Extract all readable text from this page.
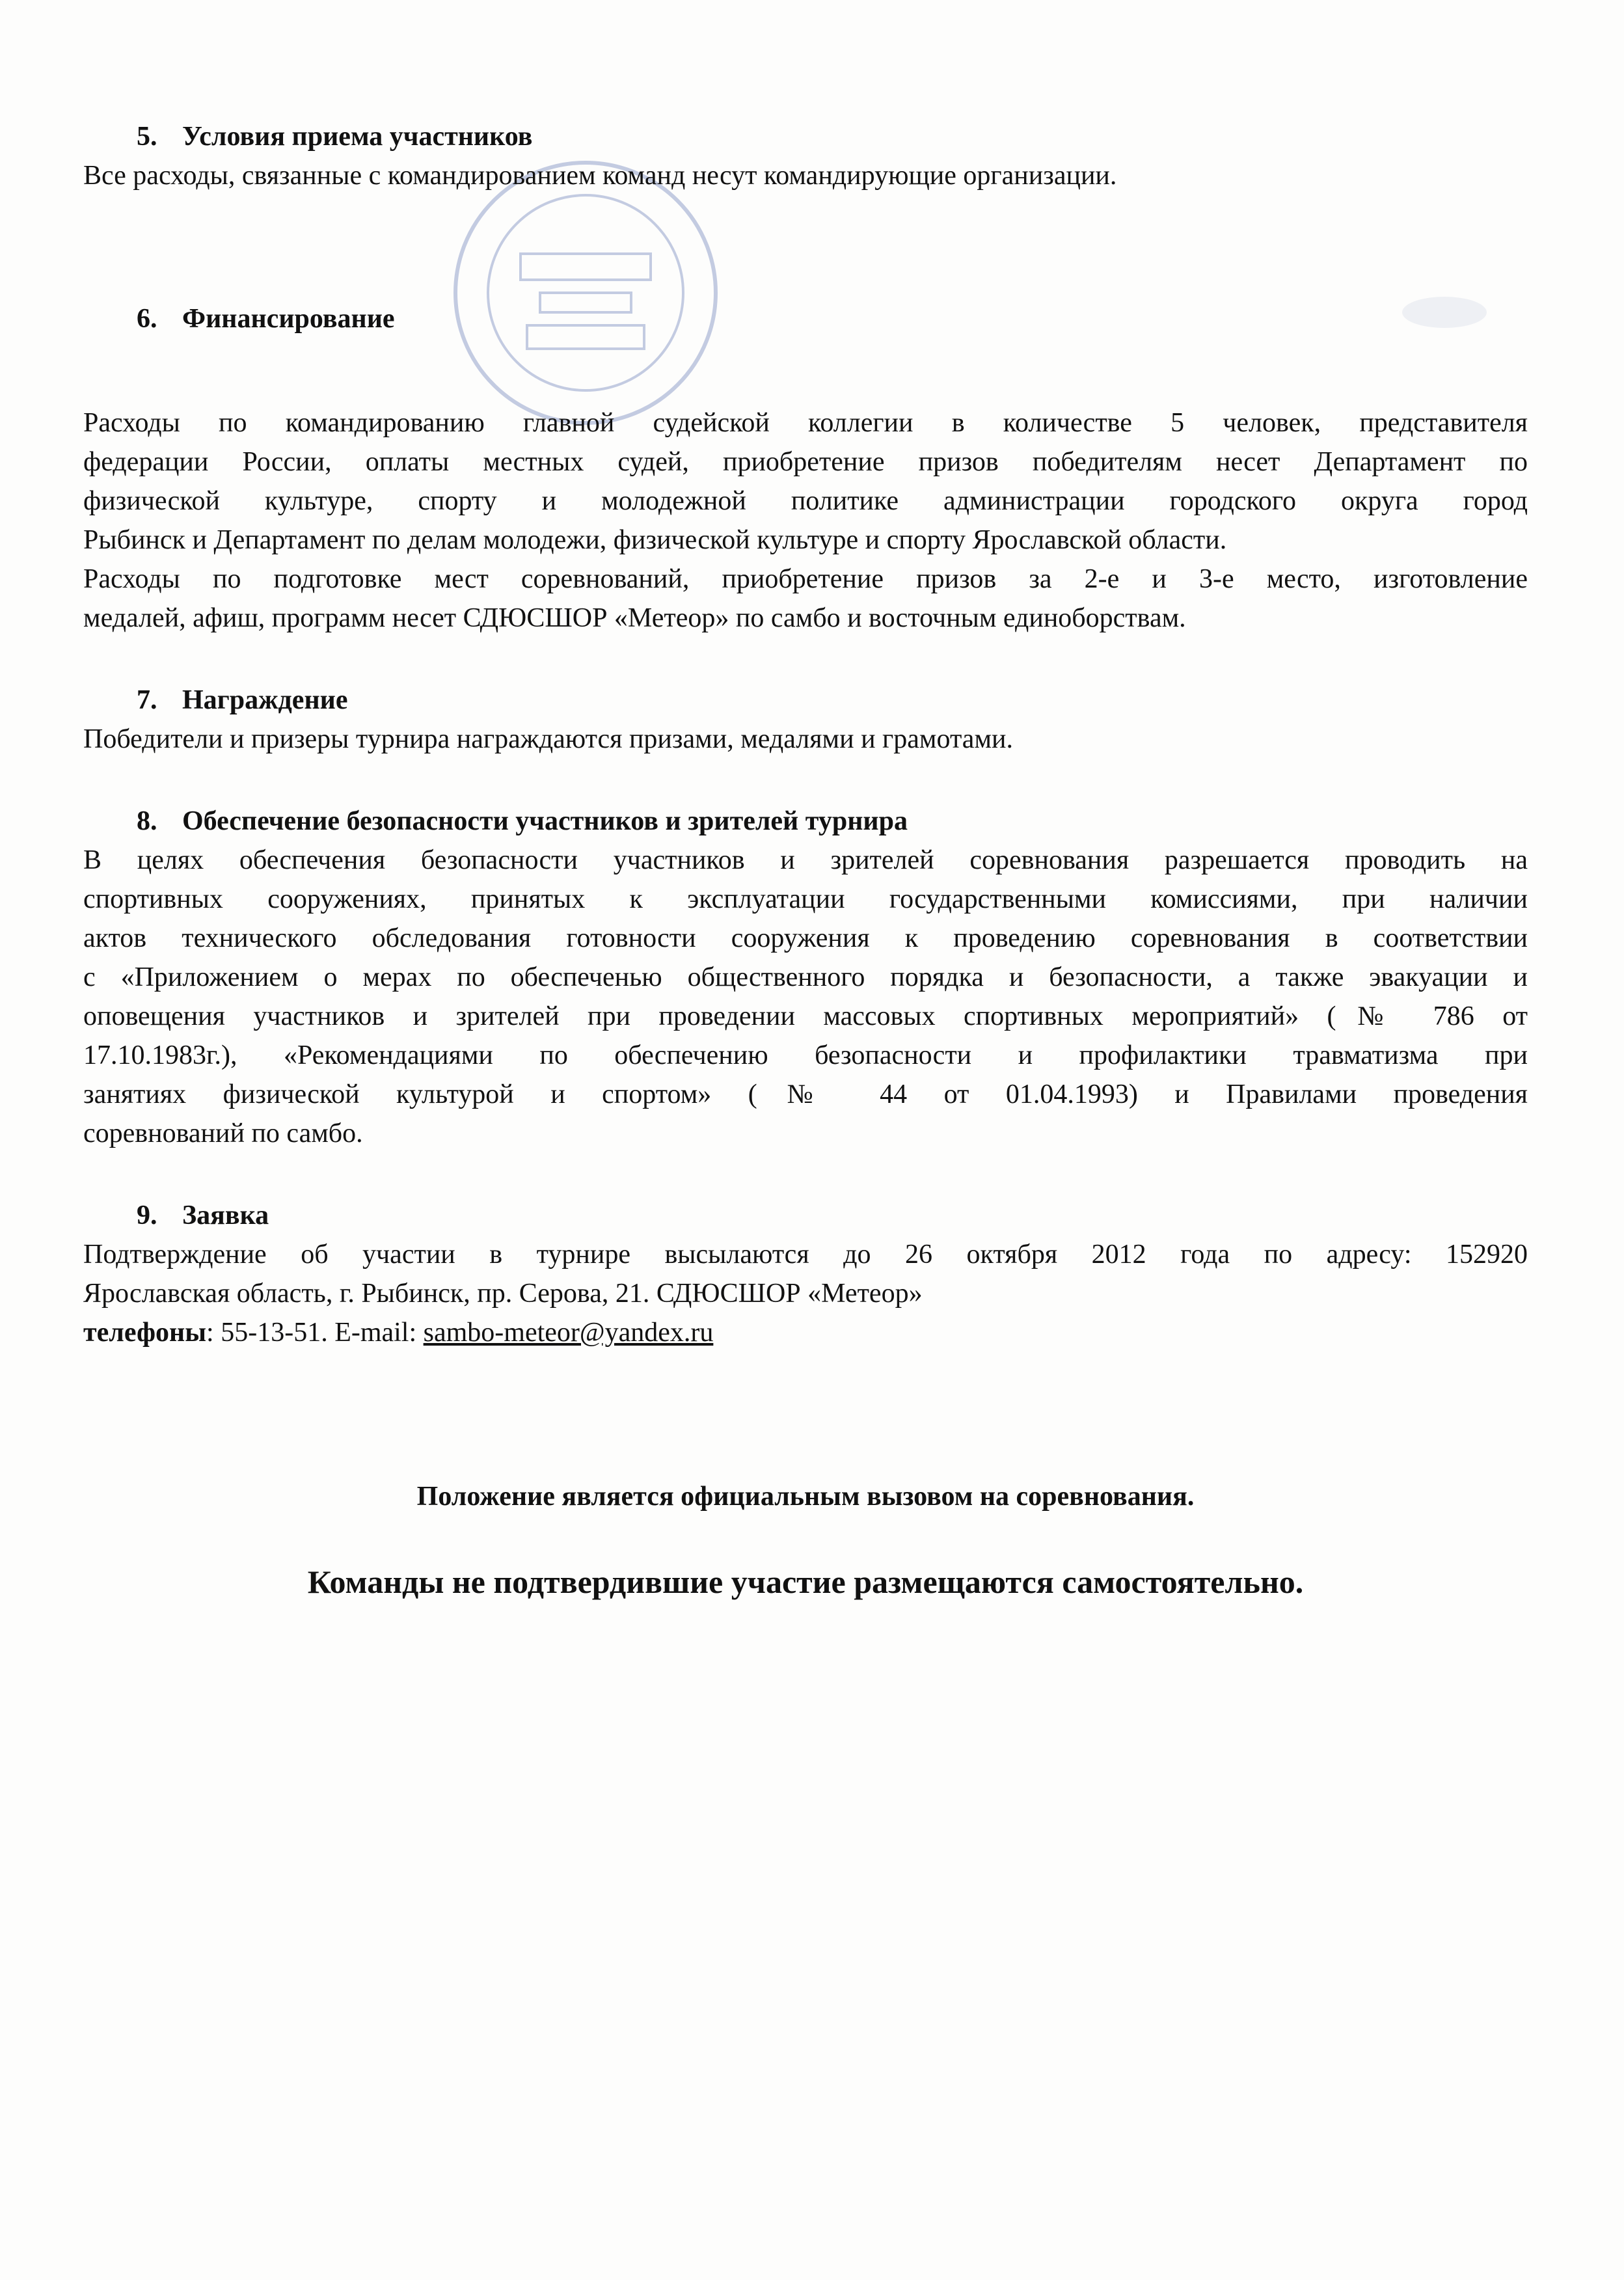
5. Условия приема участников

Все расходы, связанные с командированием команд несут командирующие организации.

6. Финансирование

Расходы по командированию главной судейской коллегии в количестве 5 человек, представителя
федерации России, оплаты местных судей, приобретение призов победителям несет Департамент по
физической культуре, спорту и молодежной политике администрации городского округа город
Рыбинск и Департамент по делам молодежи, физической культуре и спорту Ярославской области.
Расходы по подготовке мест соревнований, приобретение призов за 2-е и 3-е место, изготовление
медалей, афиш, программ несет СДЮСШОР «Метеор» по самбо и восточным единоборствам.

7. Награждение

Победители и призеры турнира награждаются призами, медалями и грамотами.

8. Обеспечение безопасности участников и зрителей турнира

В целях обеспечения безопасности участников и зрителей соревнования разрешается проводить на
спортивных сооружениях, принятых к эксплуатации государственными комиссиями, при наличии
актов технического обследования готовности сооружения к проведению соревнования в соответствии
с «Приложением о мерах по обеспеченью общественного порядка и безопасности, а также эвакуации и
оповещения участников и зрителей при проведении массовых спортивных мероприятий» (№ 786 от
17.10.1983г.), «Рекомендациями по обеспечению безопасности и профилактики травматизма при
занятиях физической культурой и спортом» (№ 44 от 01.04.1993) и Правилами проведения
соревнований по самбо.

9. Заявка

Подтверждение об участии в турнире высылаются до 26 октября 2012 года по адресу: 152920
Ярославская область, г. Рыбинск, пр. Серова, 21. СДЮСШОР «Метеор»
телефоны: 55-13-51. E-mail: sambo-meteor@yandex.ru

Положение является официальным вызовом на соревнования.

Команды не подтвердившие участие размещаются самостоятельно.
